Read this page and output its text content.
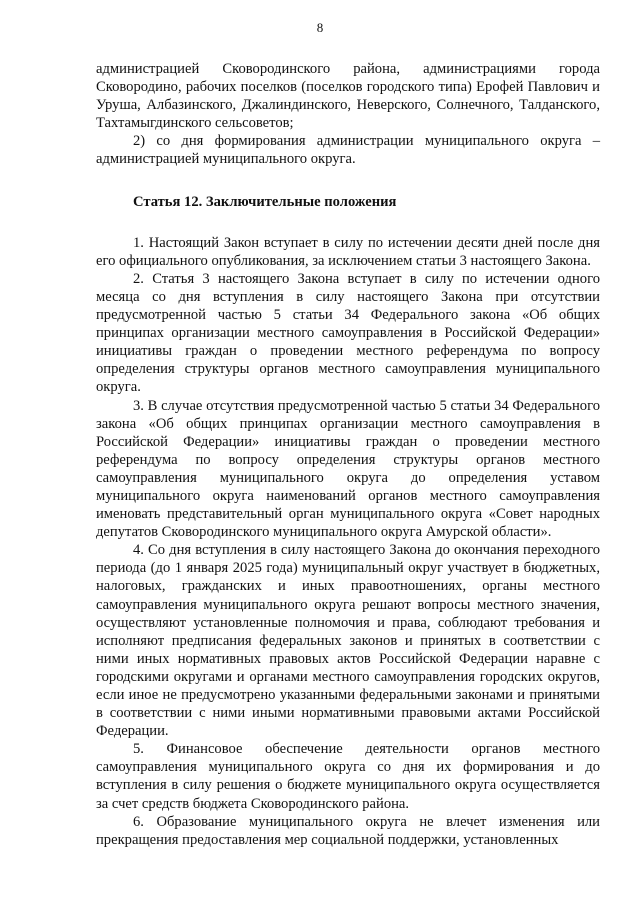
8

администрацией Сковородинского района, администрациями города Сковородино, рабочих поселков (поселков городского типа) Ерофей Павлович и Уруша, Албазинского, Джалиндинского, Неверского, Солнечного, Талданского, Тахтамыгдинского сельсоветов;

2) со дня формирования администрации муниципального округа – администрацией муниципального округа.

Статья 12. Заключительные положения

1. Настоящий Закон вступает в силу по истечении десяти дней после дня его официального опубликования, за исключением статьи 3 настоящего Закона.

2. Статья 3 настоящего Закона вступает в силу по истечении одного месяца со дня вступления в силу настоящего Закона при отсутствии предусмотренной частью 5 статьи 34 Федерального закона «Об общих принципах организации местного самоуправления в Российской Федерации» инициативы граждан о проведении местного референдума по вопросу определения структуры органов местного самоуправления муниципального округа.

3. В случае отсутствия предусмотренной частью 5 статьи 34 Федерального закона «Об общих принципах организации местного самоуправления в Российской Федерации» инициативы граждан о проведении местного референдума по вопросу определения структуры органов местного самоуправления муниципального округа до определения уставом муниципального округа наименований органов местного самоуправления именовать представительный орган муниципального округа «Совет народных депутатов Сковородинского муниципального округа Амурской области».

4. Со дня вступления в силу настоящего Закона до окончания переходного периода (до 1 января 2025 года) муниципальный округ участвует в бюджетных, налоговых, гражданских и иных правоотношениях, органы местного самоуправления муниципального округа решают вопросы местного значения, осуществляют установленные полномочия и права, соблюдают требования и исполняют предписания федеральных законов и принятых в соответствии с ними иных нормативных правовых актов Российской Федерации наравне с городскими округами и органами местного самоуправления городских округов, если иное не предусмотрено указанными федеральными законами и принятыми в соответствии с ними иными нормативными правовыми актами Российской Федерации.

5. Финансовое обеспечение деятельности органов местного самоуправления муниципального округа со дня их формирования и до вступления в силу решения о бюджете муниципального округа осуществляется за счет средств бюджета Сковородинского района.

6. Образование муниципального округа не влечет изменения или прекращения предоставления мер социальной поддержки, установленных
